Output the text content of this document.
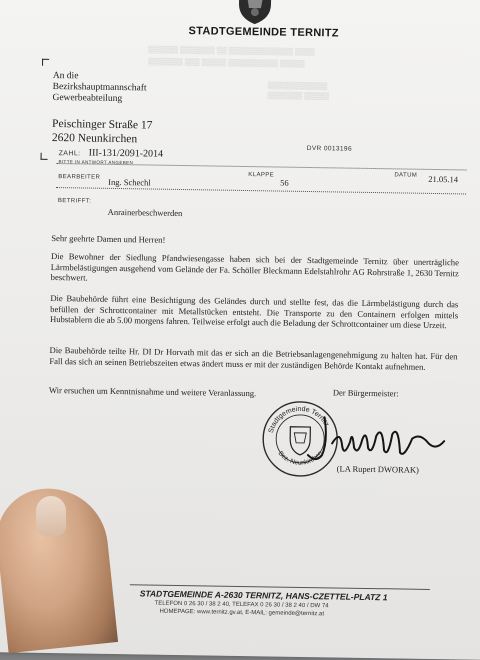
▒▒▒▒▒▒ ▒▒▒▒▒▒▒ ▒▒ ▒▒▒▒▒▒▒▒▒▒▒▒▒ ▒▒▒▒
▒▒▒▒▒▒▒ ▒▒▒ ▒▒▒▒▒ ▒▒▒▒▒▒▒▒▒▒ ▒▒▒▒▒
▒▒▒▒▒▒▒▒▒▒▒▒
▒▒▒▒▒▒▒ ▒▒▒▒▒
STADTGEMEINDE TERNITZ
An die
Bezirkshauptmannschaft
Gewerbeabteilung
Peischinger Straße 17
2620 Neunkirchen
ZAHL: III-131/2091-2014
BITTE IN ANTWORT ANGEBEN
DVR 0013196
BEARBEITER Ing. Schechl
KLAPPE
56
DATUM 21.05.14
BETRIFFT:
Anrainerbeschwerden
Sehr geehrte Damen und Herren!
Die Bewohner der Siedlung Pfandwiesengasse haben sich bei der Stadtgemeinde Ternitz über unerträgliche Lärmbelästigungen ausgehend vom Gelände der Fa. Schöller Bleckmann Edelstahlrohr AG Rohrstraße 1, 2630 Ternitz beschwert.
Die Baubehörde führt eine Besichtigung des Geländes durch und stellte fest, das die Lärmbelästigung durch das befüllen der Schrottcontainer mit Metallstücken entsteht. Die Transporte zu den Containern erfolgen mittels Hubstablern die ab 5.00 morgens fahren. Teilweise erfolgt auch die Beladung der Schrottcontainer um diese Urzeit.
Die Baubehörde teilte Hr. DI Dr Horvath mit das er sich an die Betriebsanlagengenehmigung zu halten hat. Für den Fall das sich an seinen Betriebszeiten etwas ändert muss er mit der zuständigen Behörde Kontakt aufnehmen.
Wir ersuchen um Kenntnisnahme und weitere Veranlassung.	Der Bürgermeister:
Stadtgemeinde Ternitz
Bez. Neunkirchen
(LA Rupert DWORAK)
STADTGEMEINDE A-2630 TERNITZ, HANS-CZETTEL-PLATZ 1
TELEFON 0 26 30 / 38 2 40, TELEFAX 0 26 30 / 38 2 40 / DW 74
HOMEPAGE: www.ternitz.gv.at, E-MAIL: gemeinde@ternitz.at
